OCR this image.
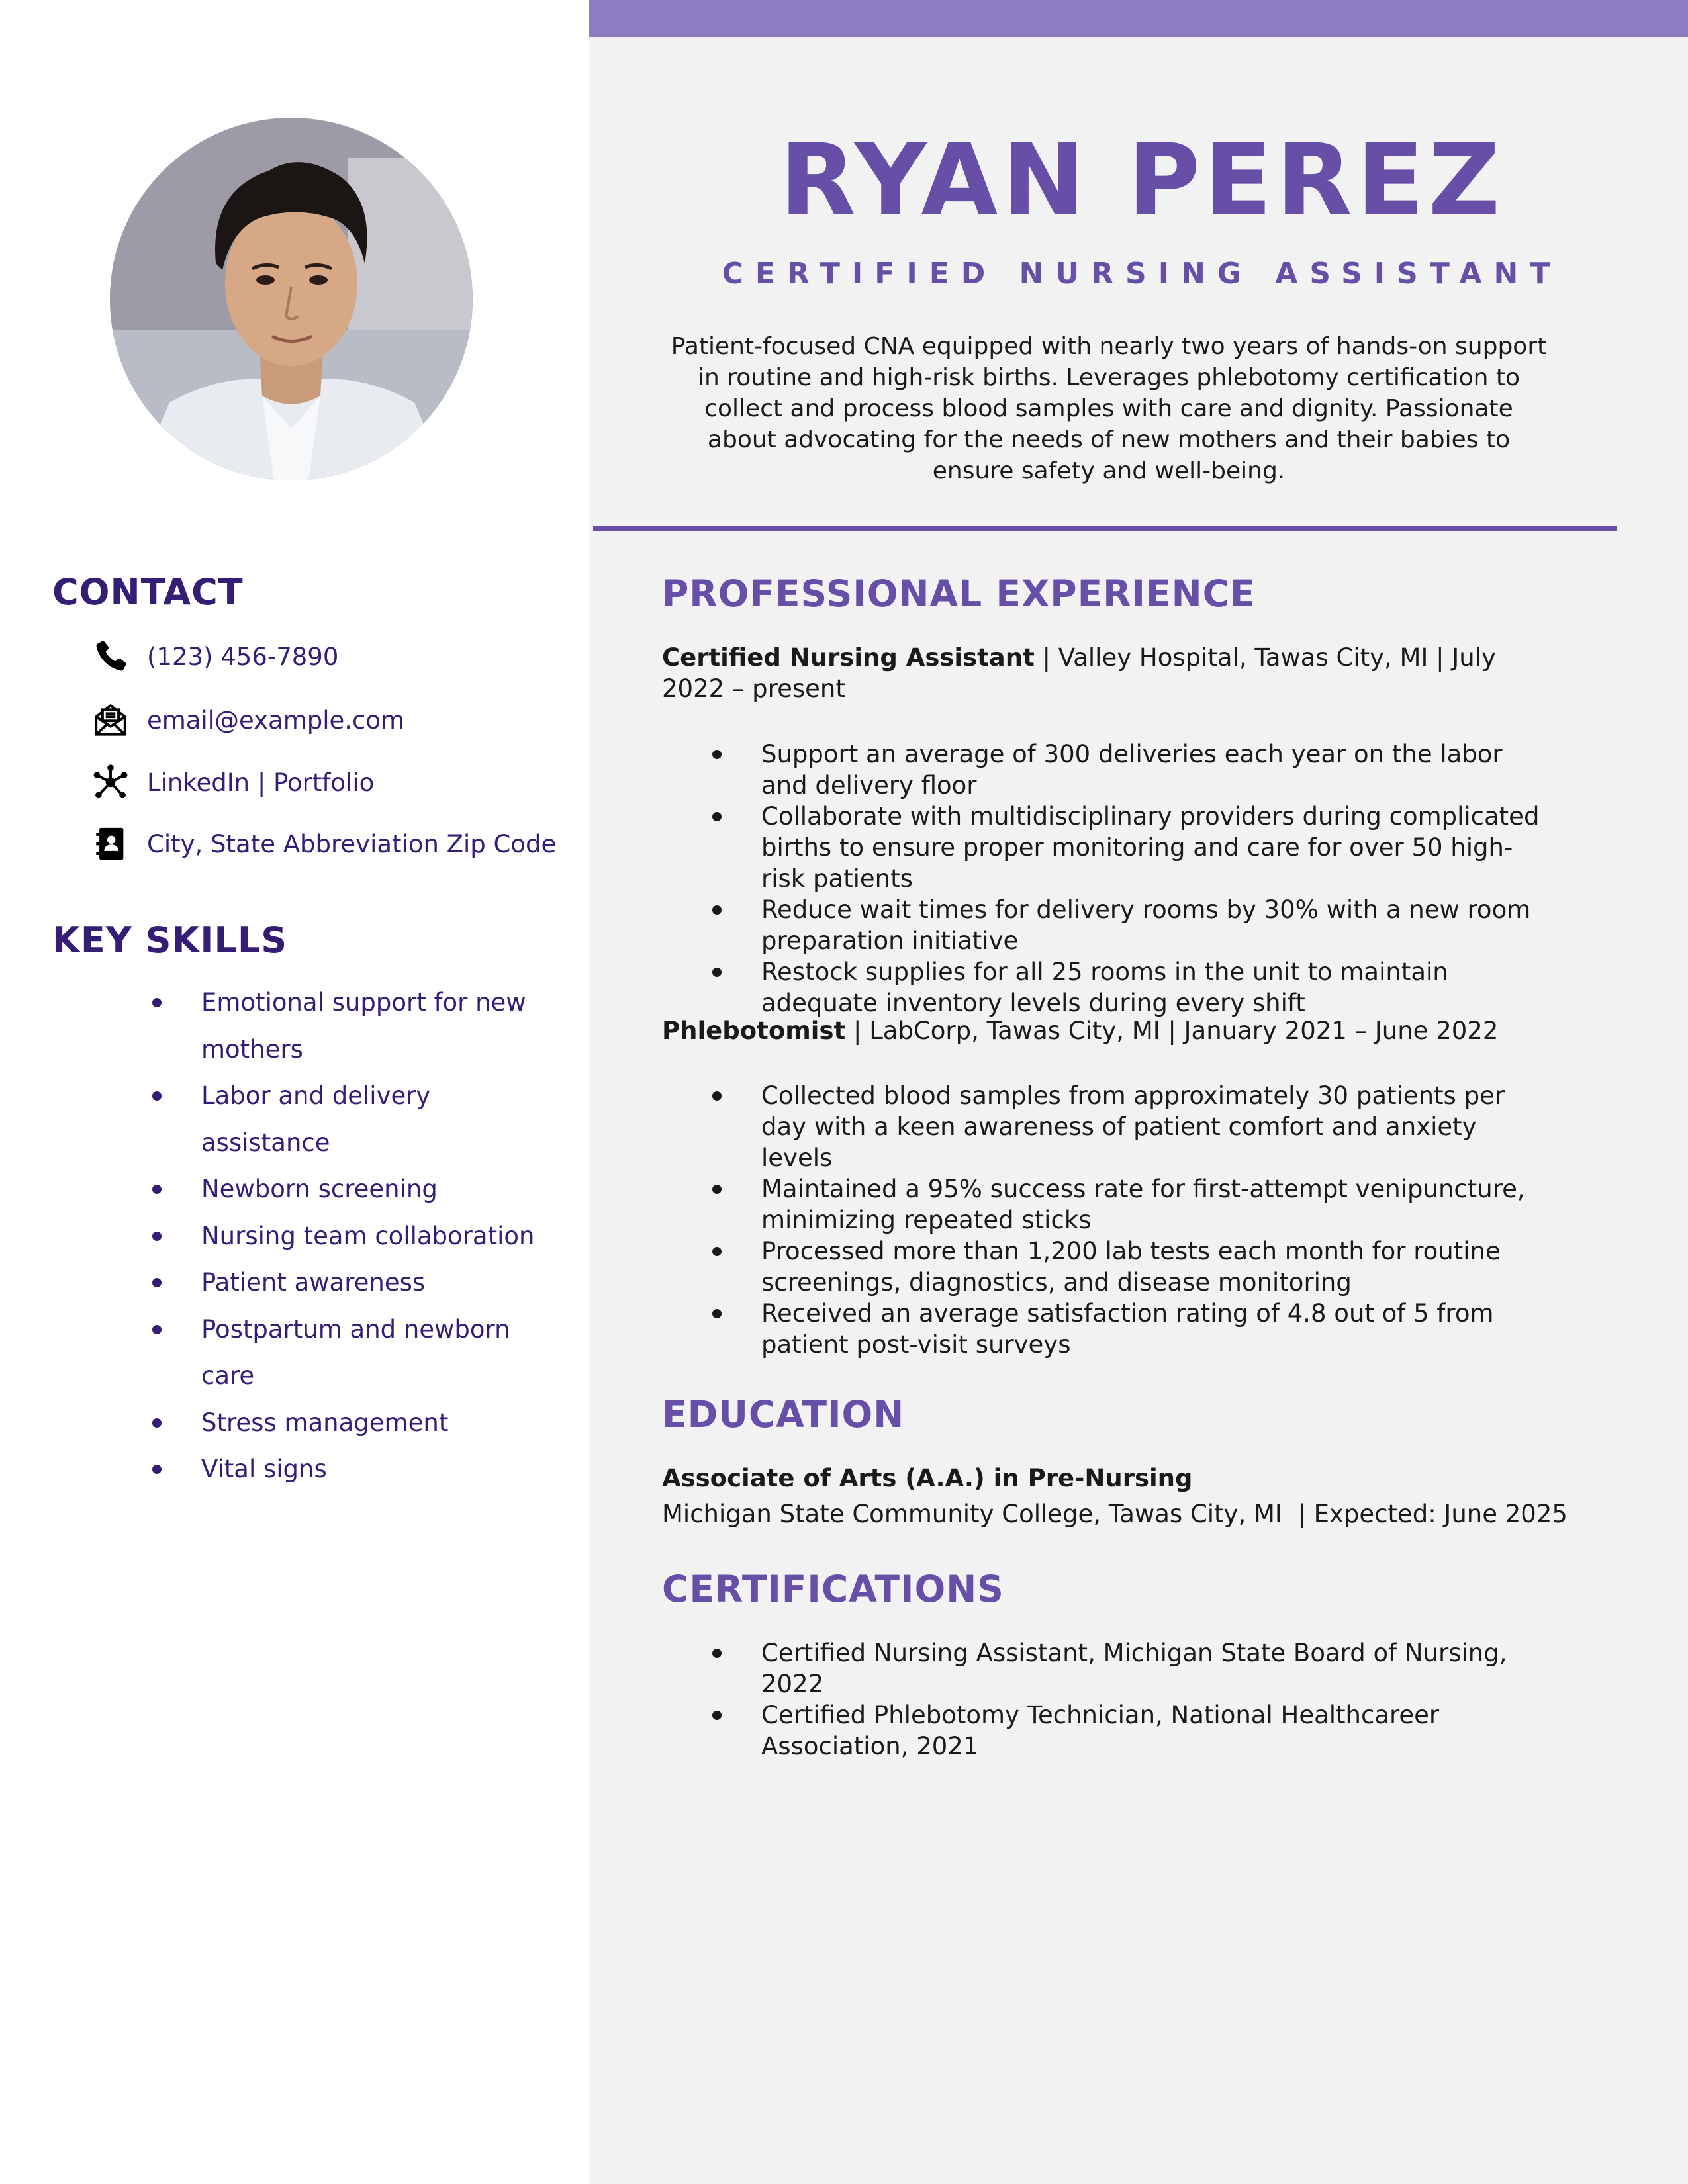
RYAN PEREZ
CERTIFIED NURSING ASSISTANT
Patient-focused CNA equipped with nearly two years of hands-on support in routine and high-risk births. Leverages phlebotomy certification to collect and process blood samples with care and dignity. Passionate about advocating for the needs of new mothers and their babies to ensure safety and well-being.
CONTACT
(123) 456-7890
email@example.com
LinkedIn | Portfolio
City, State Abbreviation Zip Code
KEY SKILLS
Emotional support for new mothers
Labor and delivery assistance
Newborn screening
Nursing team collaboration
Patient awareness
Postpartum and newborn care
Stress management
Vital signs
PROFESSIONAL EXPERIENCE
Certified Nursing Assistant | Valley Hospital, Tawas City, MI | July 2022 – present
Support an average of 300 deliveries each year on the labor and delivery floor
Collaborate with multidisciplinary providers during complicated births to ensure proper monitoring and care for over 50 high-risk patients
Reduce wait times for delivery rooms by 30% with a new room preparation initiative
Restock supplies for all 25 rooms in the unit to maintain adequate inventory levels during every shift
Phlebotomist | LabCorp, Tawas City, MI | January 2021 – June 2022
Collected blood samples from approximately 30 patients per day with a keen awareness of patient comfort and anxiety levels
Maintained a 95% success rate for first-attempt venipuncture, minimizing repeated sticks
Processed more than 1,200 lab tests each month for routine screenings, diagnostics, and disease monitoring
Received an average satisfaction rating of 4.8 out of 5 from patient post-visit surveys
EDUCATION
Associate of Arts (A.A.) in Pre-Nursing
Michigan State Community College, Tawas City, MI  | Expected: June 2025
CERTIFICATIONS
Certified Nursing Assistant, Michigan State Board of Nursing, 2022
Certified Phlebotomy Technician, National Healthcareer Association, 2021
